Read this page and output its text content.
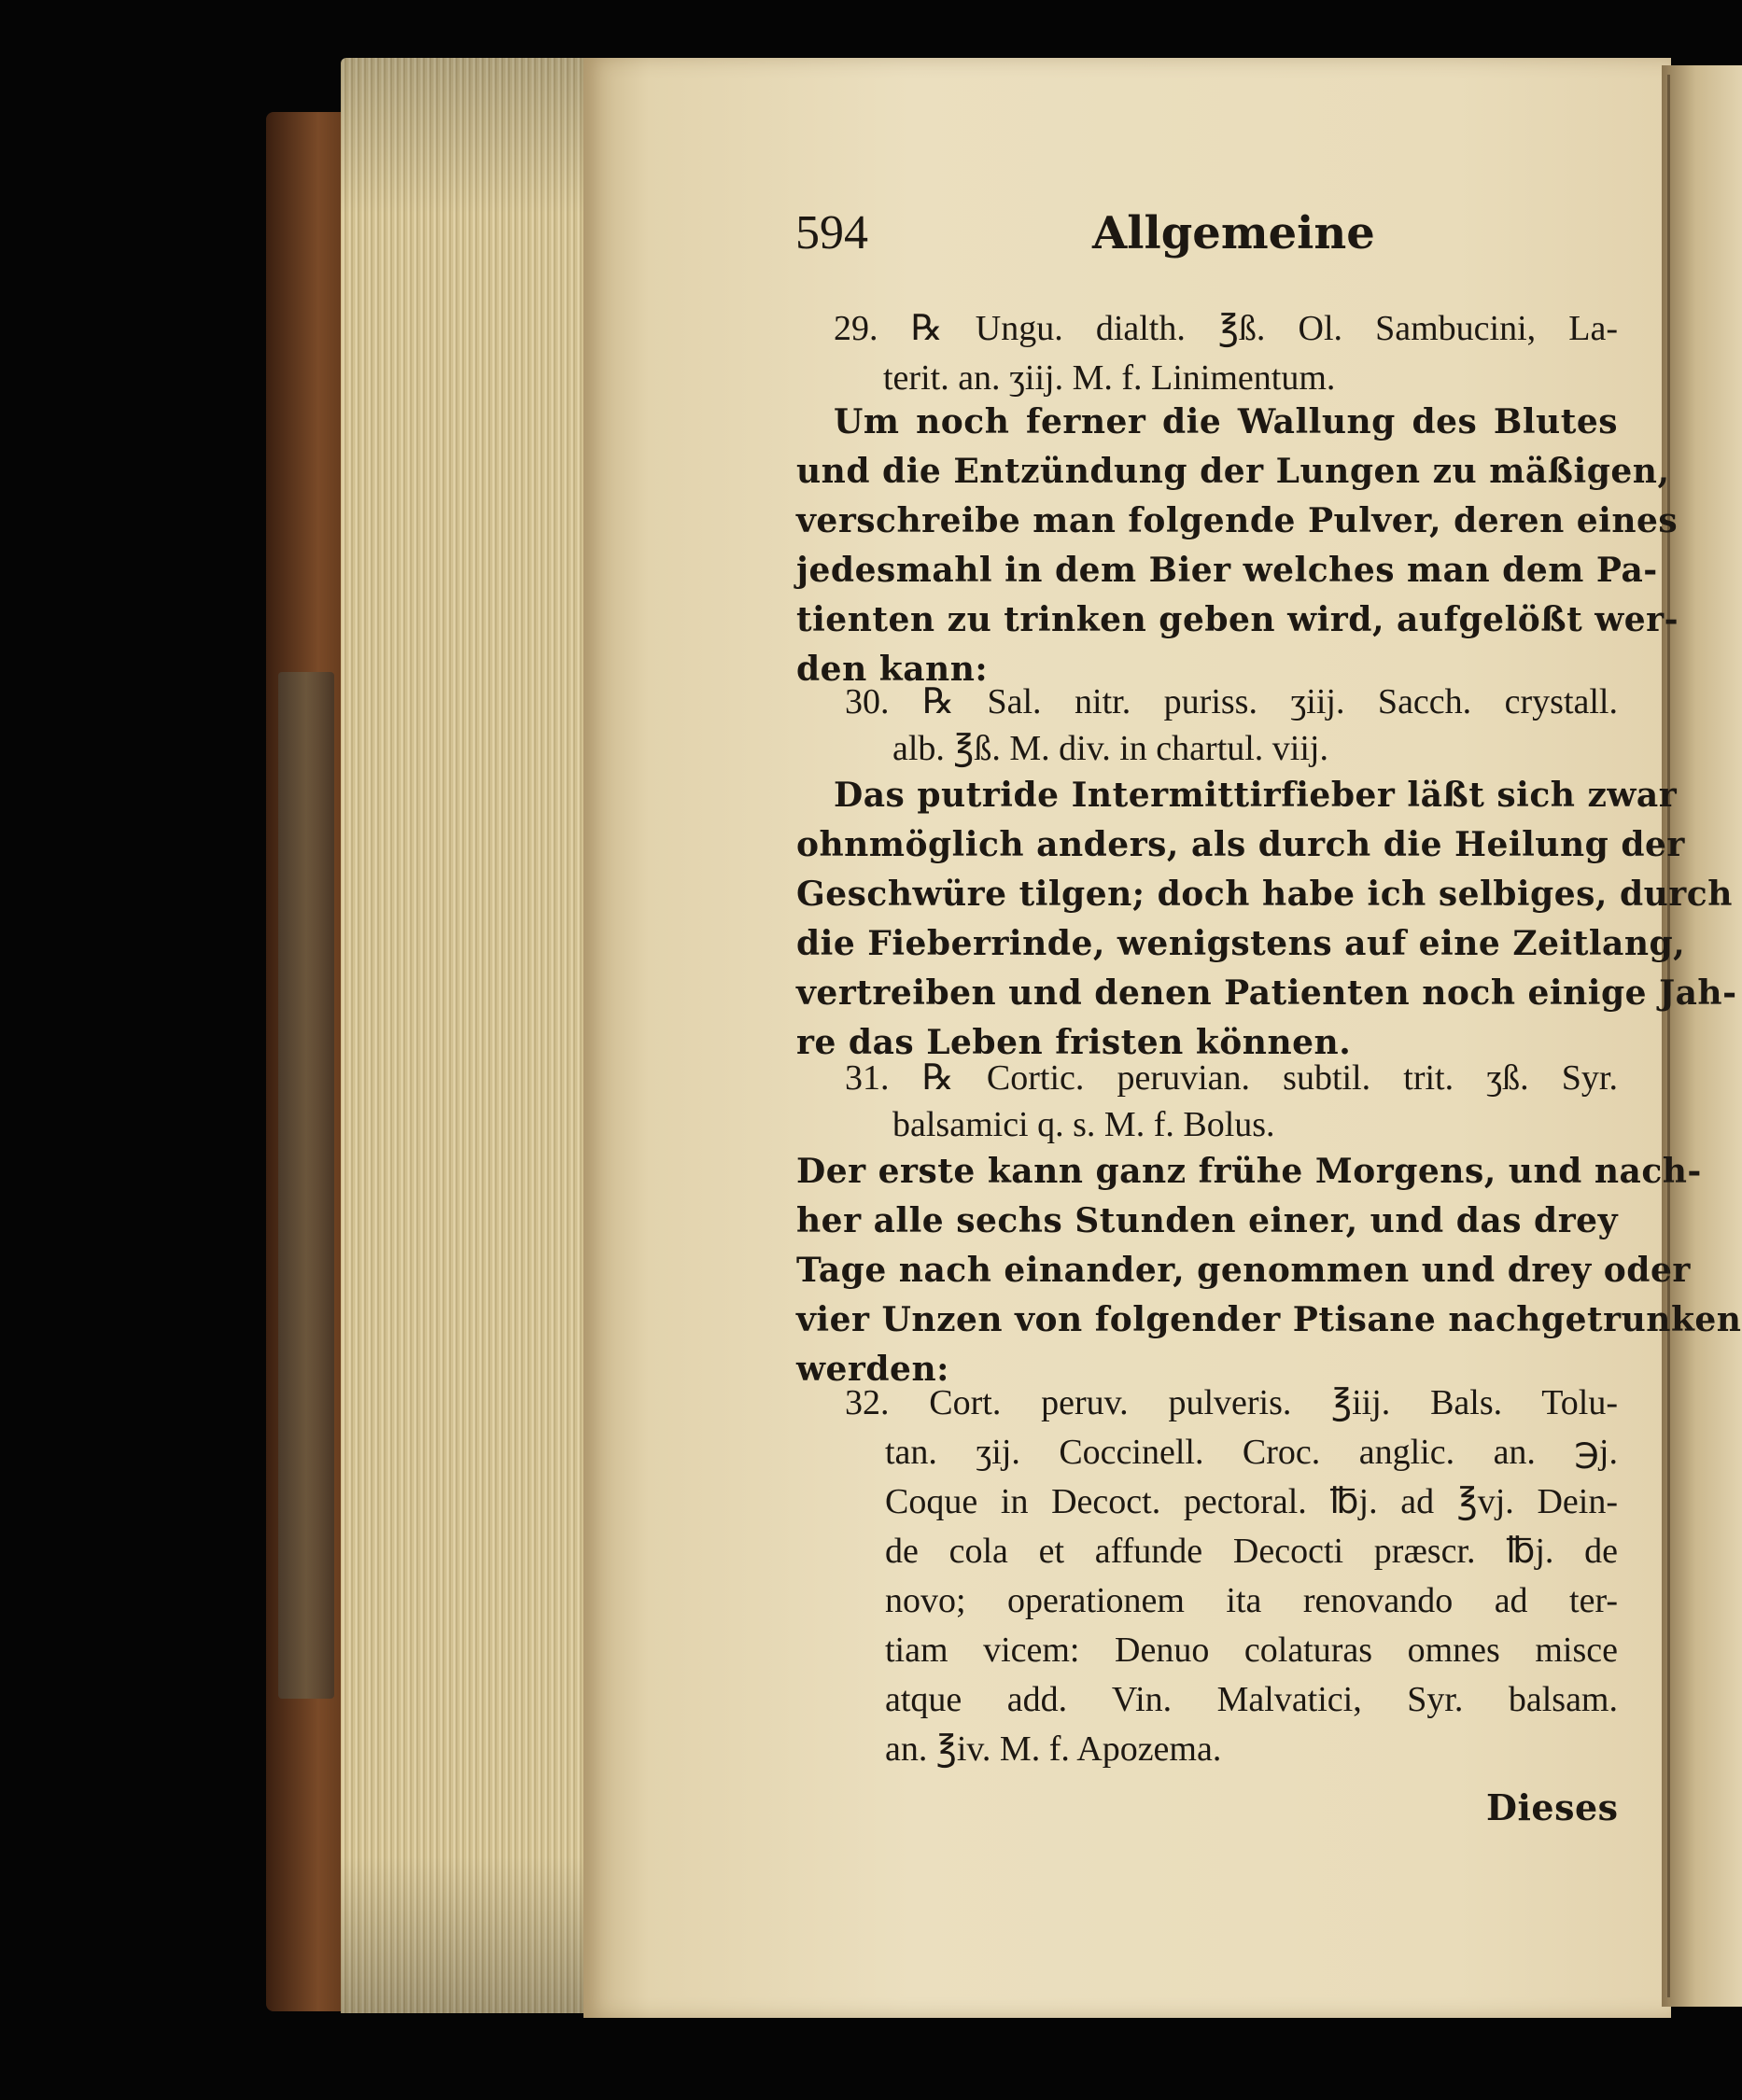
594	Allgemeine
29. ℞ Ungu. dialth. ℥ß. Ol. Sambucini, La-
terit. an. ʒiij. M. f. Linimentum.
Um noch ferner die Wallung des Blutes
und die Entzündung der Lungen zu mäßigen,
verschreibe man folgende Pulver, deren eines
jedesmahl in dem Bier welches man dem Pa-
tienten zu trinken geben wird, aufgelößt wer-
den kann:
30. ℞ Sal. nitr. puriss. ʒiij. Sacch. crystall.
alb. ℥ß. M. div. in chartul. viij.
Das putride Intermittirfieber läßt sich zwar
ohnmöglich anders, als durch die Heilung der
Geschwüre tilgen; doch habe ich selbiges, durch
die Fieberrinde, wenigstens auf eine Zeitlang,
vertreiben und denen Patienten noch einige Jah-
re das Leben fristen können.
31. ℞ Cortic. peruvian. subtil. trit. ʒß. Syr.
balsamici q. s. M. f. Bolus.
Der erste kann ganz frühe Morgens, und nach-
her alle sechs Stunden einer, und das drey
Tage nach einander, genommen und drey oder
vier Unzen von folgender Ptisane nachgetrunken
werden:
32. Cort. peruv. pulveris. ℥iij. Bals. Tolu-
tan. ʒij. Coccinell. Croc. anglic. an. ℈j.
Coque in Decoct. pectoral. ℔j. ad ℥vj. Dein-
de cola et affunde Decocti præscr. ℔j. de
novo; operationem ita renovando ad ter-
tiam vicem: Denuo colaturas omnes misce
atque add. Vin. Malvatici, Syr. balsam.
an. ℥iv. M. f. Apozema.
Dieses
